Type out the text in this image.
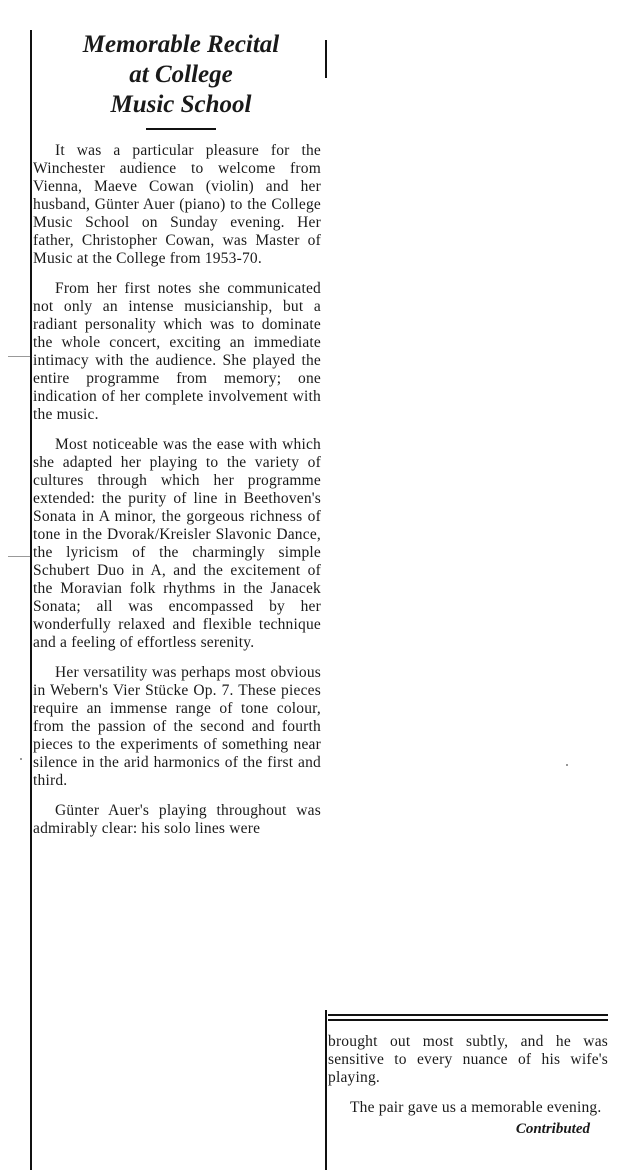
Memorable Recital
at College
Music School

It was a particular pleasure for the Winchester audience to welcome from Vienna, Maeve Cowan (violin) and her husband, Günter Auer (piano) to the College Music School on Sunday evening. Her father, Christopher Cowan, was Master of Music at the College from 1953-70.

From her first notes she communicated not only an intense musicianship, but a radiant personality which was to dominate the whole concert, exciting an immediate intimacy with the audience. She played the entire programme from memory; one indication of her complete involvement with the music.

Most noticeable was the ease with which she adapted her playing to the variety of cultures through which her programme extended: the purity of line in Beethoven's Sonata in A minor, the gorgeous richness of tone in the Dvorak/Kreisler Slavonic Dance, the lyricism of the charmingly simple Schubert Duo in A, and the excitement of the Moravian folk rhythms in the Janacek Sonata; all was encompassed by her wonderfully relaxed and flexible technique and a feeling of effortless serenity.

Her versatility was perhaps most obvious in Webern's Vier Stücke Op. 7. These pieces require an immense range of tone colour, from the passion of the second and fourth pieces to the experiments of something near silence in the arid harmonics of the first and third.

Günter Auer's playing throughout was admirably clear: his solo lines were

brought out most subtly, and he was sensitive to every nuance of his wife's playing.

The pair gave us a memorable evening.

Contributed
